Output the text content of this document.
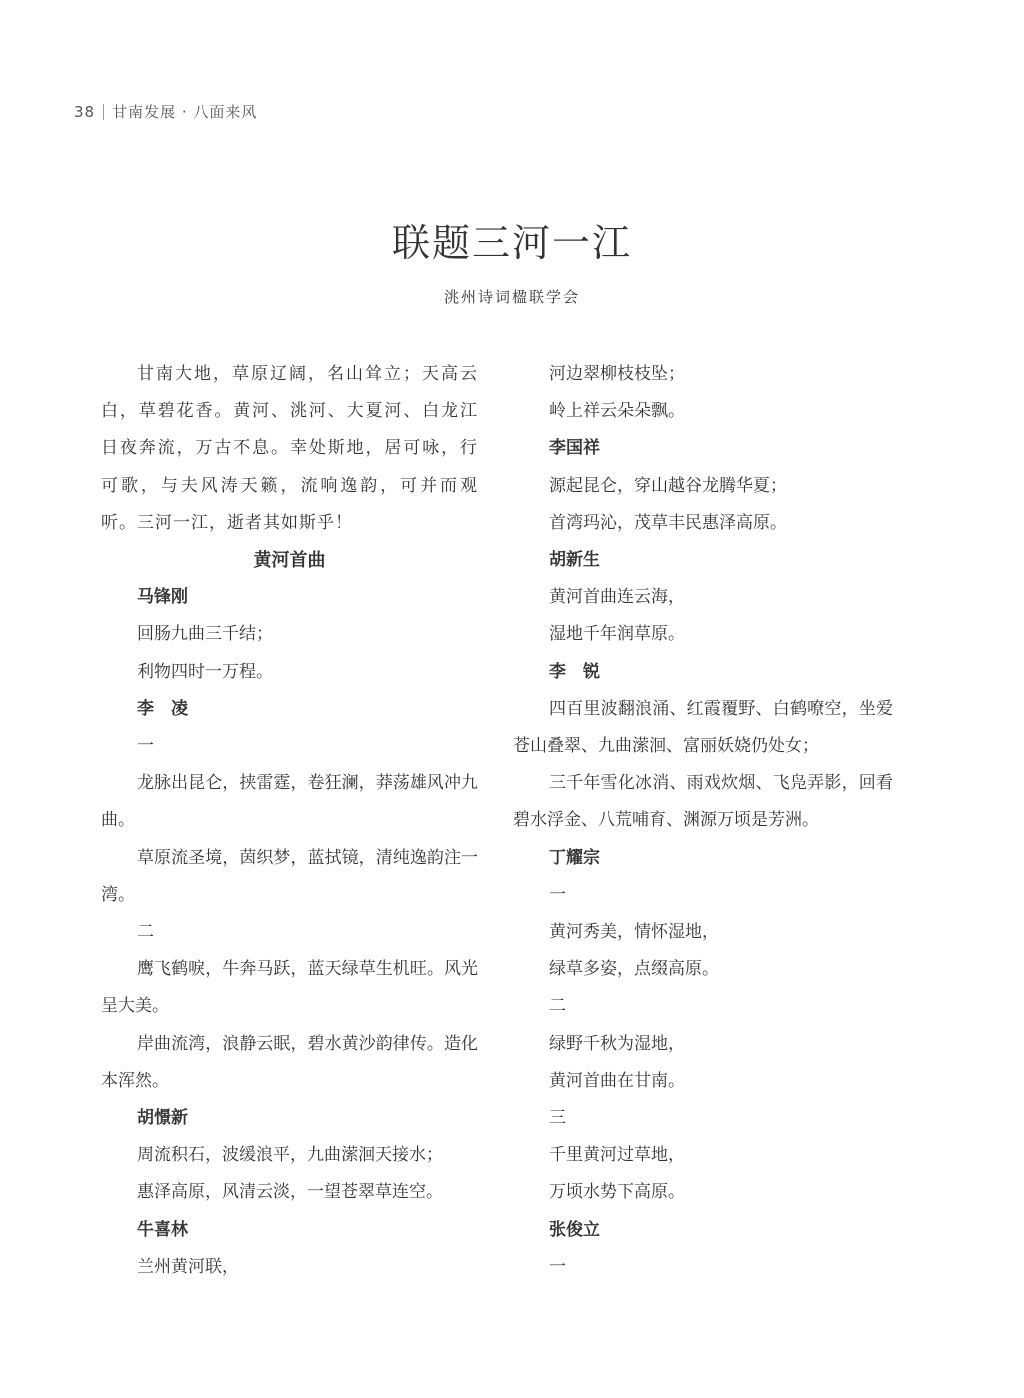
38 甘南发展 · 八面来风
联题三河一江
洮州诗词楹联学会

甘南大地，草原辽阔，名山耸立；天高云白，草碧花香。黄河、洮河、大夏河、白龙江日夜奔流，万古不息。幸处斯地，居可咏，行可歌，与夫风涛天籁，流响逸韵，可并而观听。三河一江，逝者其如斯乎！

黄河首曲

马锋刚

回肠九曲三千结；

利物四时一万程。

李　凌

一

龙脉出昆仑，挟雷霆，卷狂澜，莽荡雄风冲九曲。

草原流圣境，茵织梦，蓝拭镜，清纯逸韵注一湾。

二

鹰飞鹤唳，牛奔马跃，蓝天绿草生机旺。风光呈大美。

岸曲流湾，浪静云眠，碧水黄沙韵律传。造化本浑然。

胡憬新

周流积石，波缓浪平，九曲潆洄天接水；

惠泽高原，风清云淡，一望苍翠草连空。

牛喜林

兰州黄河联，

河边翠柳枝枝坠；

岭上祥云朵朵飘。

李国祥

源起昆仑，穿山越谷龙腾华夏；

首湾玛沁，茂草丰民惠泽高原。

胡新生

黄河首曲连云海，

湿地千年润草原。

李　锐

四百里波翻浪涌、红霞覆野、白鹤嘹空，坐爱苍山叠翠、九曲潆洄、富丽妖娆仍处女；

三千年雪化冰消、雨戏炊烟、飞凫弄影，回看碧水浮金、八荒哺育、渊源万顷是芳洲。

丁耀宗

一

黄河秀美，情怀湿地，

绿草多姿，点缀高原。

二

绿野千秋为湿地，

黄河首曲在甘南。

三

千里黄河过草地，

万顷水势下高原。

张俊立

一
